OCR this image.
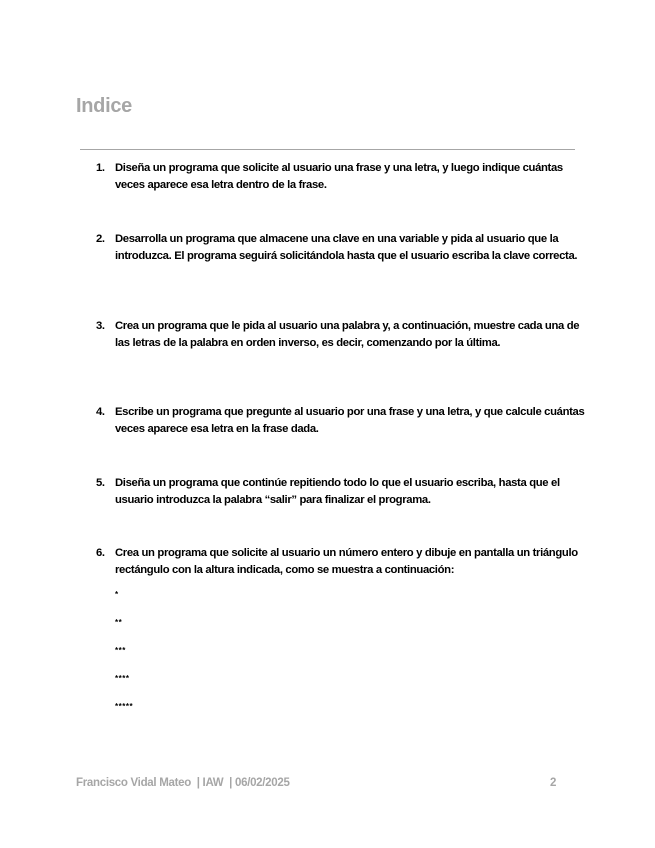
Indice
1. Diseña un programa que solicite al usuario una frase y una letra, y luego indique cuántas veces aparece esa letra dentro de la frase.
2. Desarrolla un programa que almacene una clave en una variable y pida al usuario que la introduzca. El programa seguirá solicitándola hasta que el usuario escriba la clave correcta.
3. Crea un programa que le pida al usuario una palabra y, a continuación, muestre cada una de las letras de la palabra en orden inverso, es decir, comenzando por la última.
4. Escribe un programa que pregunte al usuario por una frase y una letra, y que calcule cuántas veces aparece esa letra en la frase dada.
5. Diseña un programa que continúe repitiendo todo lo que el usuario escriba, hasta que el usuario introduzca la palabra “salir” para finalizar el programa.
6. Crea un programa que solicite al usuario un número entero y dibuje en pantalla un triángulo rectángulo con la altura indicada, como se muestra a continuación:
*
**
***
****
*****
Francisco Vidal Mateo | IAW | 06/02/2025	2
